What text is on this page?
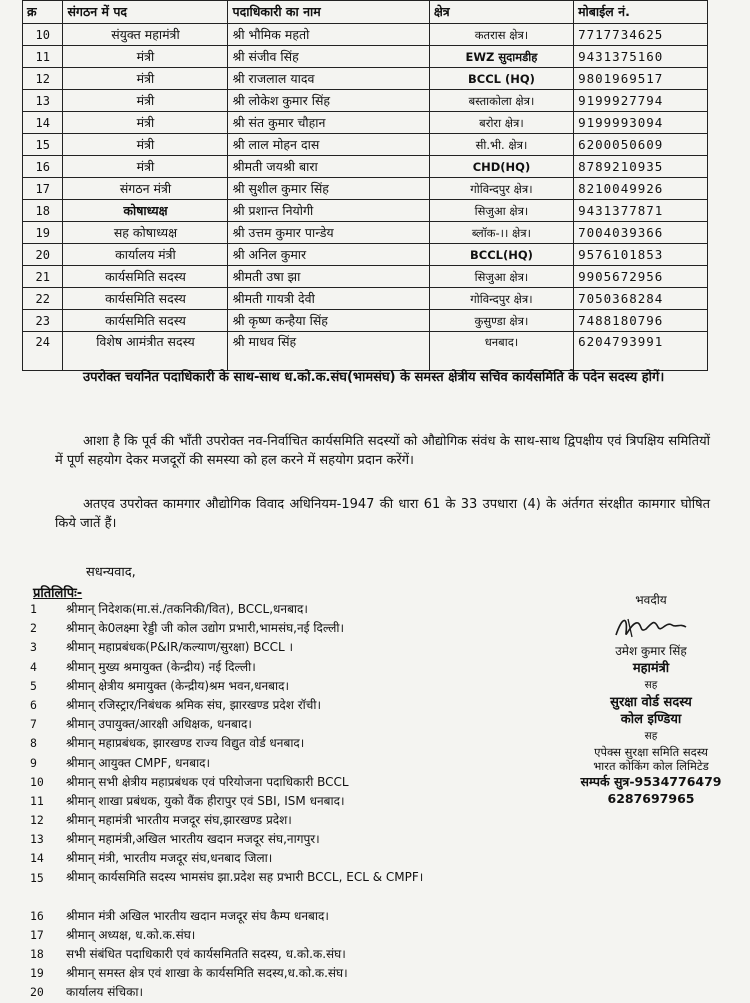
क्र	संगठन में पद	पदाधिकारी का नाम	क्षेत्र	मोबाईल नं.
10	संयुक्त महामंत्री	श्री भौमिक महतो	कतरास क्षेत्र।	7717734625
11	मंत्री	श्री संजीव सिंह	EWZ सुदामडीह	9431375160
12	मंत्री	श्री राजलाल यादव	BCCL (HQ)	9801969517
13	मंत्री	श्री लोकेश कुमार सिंह	बस्ताकोला क्षेत्र।	9199927794
14	मंत्री	श्री संत कुमार चौहान	बरोरा क्षेत्र।	9199993094
15	मंत्री	श्री लाल मोहन दास	सी.भी. क्षेत्र।	6200050609
16	मंत्री	श्रीमती जयश्री बारा	CHD(HQ)	8789210935
17	संगठन मंत्री	श्री सुशील कुमार सिंह	गोविन्दपुर क्षेत्र।	8210049926
18	कोषाध्यक्ष	श्री प्रशान्त नियोगी	सिजुआ क्षेत्र।	9431377871
19	सह कोषाध्यक्ष	श्री उत्तम कुमार पान्डेय	ब्लॉक-।। क्षेत्र।	7004039366
20	कार्यालय मंत्री	श्री अनिल कुमार	BCCL(HQ)	9576101853
21	कार्यसमिति सदस्य	श्रीमती उषा झा	सिजुआ क्षेत्र।	9905672956
22	कार्यसमिति सदस्य	श्रीमती गायत्री देवी	गोविन्दपुर क्षेत्र।	7050368284
23	कार्यसमिति सदस्य	श्री कृष्ण कन्हैया सिंह	कुसुण्डा क्षेत्र।	7488180796
24	विशेष आमंत्रीत सदस्य	श्री माधव सिंह	धनबाद।	6204793991

उपरोक्त चयनित पदाधिकारी के साथ-साथ ध.को.क.संघ(भामसंघ) के समस्त क्षेत्रीय सचिव कार्यसमिति के पदेन सदस्य होगें।

आशा है कि पूर्व की भाँती उपरोक्त नव-निर्वाचित कार्यसमिति सदस्यों को औद्योगिक संवंध के साथ-साथ द्विपक्षीय एवं त्रिपक्षिय समितियों में पूर्ण सहयोग देकर मजदूरों की समस्या को हल करने में सहयोग प्रदान करेंगें।

अतएव उपरोक्त कामगार औद्योगिक विवाद अधिनियम-1947 की धारा 61 के 33 उपधारा (4) के अंर्तगत संरक्षीत कामगार घोषित किये जातें हैं।

सधन्यवाद,
प्रतिलिपिः-
1	श्रीमान् निदेशक(मा.सं./तकनिकी/वित), BCCL,धनबाद।
2	श्रीमान् के0लक्ष्मा रेड्डी जी कोल उद्योग प्रभारी,भामसंघ,नई दिल्ली।
3	श्रीमान् महाप्रबंधक(P&IR/कल्याण/सुरक्षा) BCCL ।
4	श्रीमान् मुख्य श्रमायुक्त (केन्द्रीय) नई दिल्ली।
5	श्रीमान् क्षेत्रीय श्रमायुक्त (केन्द्रीय)श्रम भवन,धनबाद।
6	श्रीमान् रजिस्ट्रार/निबंधक श्रमिक संघ, झारखण्ड प्रदेश रॉची।
7	श्रीमान् उपायुक्त/आरक्षी अधिक्षक, धनबाद।
8	श्रीमान् महाप्रबंधक, झारखण्ड राज्य विद्युत वोर्ड धनबाद।
9	श्रीमान् आयुक्त CMPF, धनबाद।
10	श्रीमान् सभी क्षेत्रीय महाप्रबंधक एवं परियोजना पदाधिकारी BCCL
11	श्रीमान् शाखा प्रबंधक, युको वैंक हीरापुर एवं SBI, ISM धनबाद।
12	श्रीमान् महामंत्री भारतीय मजदूर संघ,झारखण्ड प्रदेश।
13	श्रीमान् महामंत्री,अखिल भारतीय खदान मजदूर संघ,नागपुर।
14	श्रीमान् मंत्री, भारतीय मजदूर संघ,धनबाद जिला।
15	श्रीमान् कार्यसमिति सदस्य भामसंघ झा.प्रदेश सह प्रभारी BCCL, ECL & CMPF।
16	श्रीमान मंत्री अखिल भारतीय खदान मजदूर संघ कैम्प धनबाद।
17	श्रीमान् अध्यक्ष, ध.को.क.संघ।
18	सभी संबंधित पदाधिकारी एवं कार्यसमितति सदस्य, ध.को.क.संघ।
19	श्रीमान् समस्त क्षेत्र एवं शाखा के कार्यसमिति सदस्य,ध.को.क.संघ।
20	कार्यालय संचिका।
भवदीय
उमेश कुमार सिंह
महामंत्री
सह
सुरक्षा वोर्ड सदस्य
कोल इण्डिया
सह
एपेक्स सुरक्षा समिति सदस्य
भारत कोकिंग कोल लिमिटेड
सम्पर्क सुत्र-9534776479
6287697965
